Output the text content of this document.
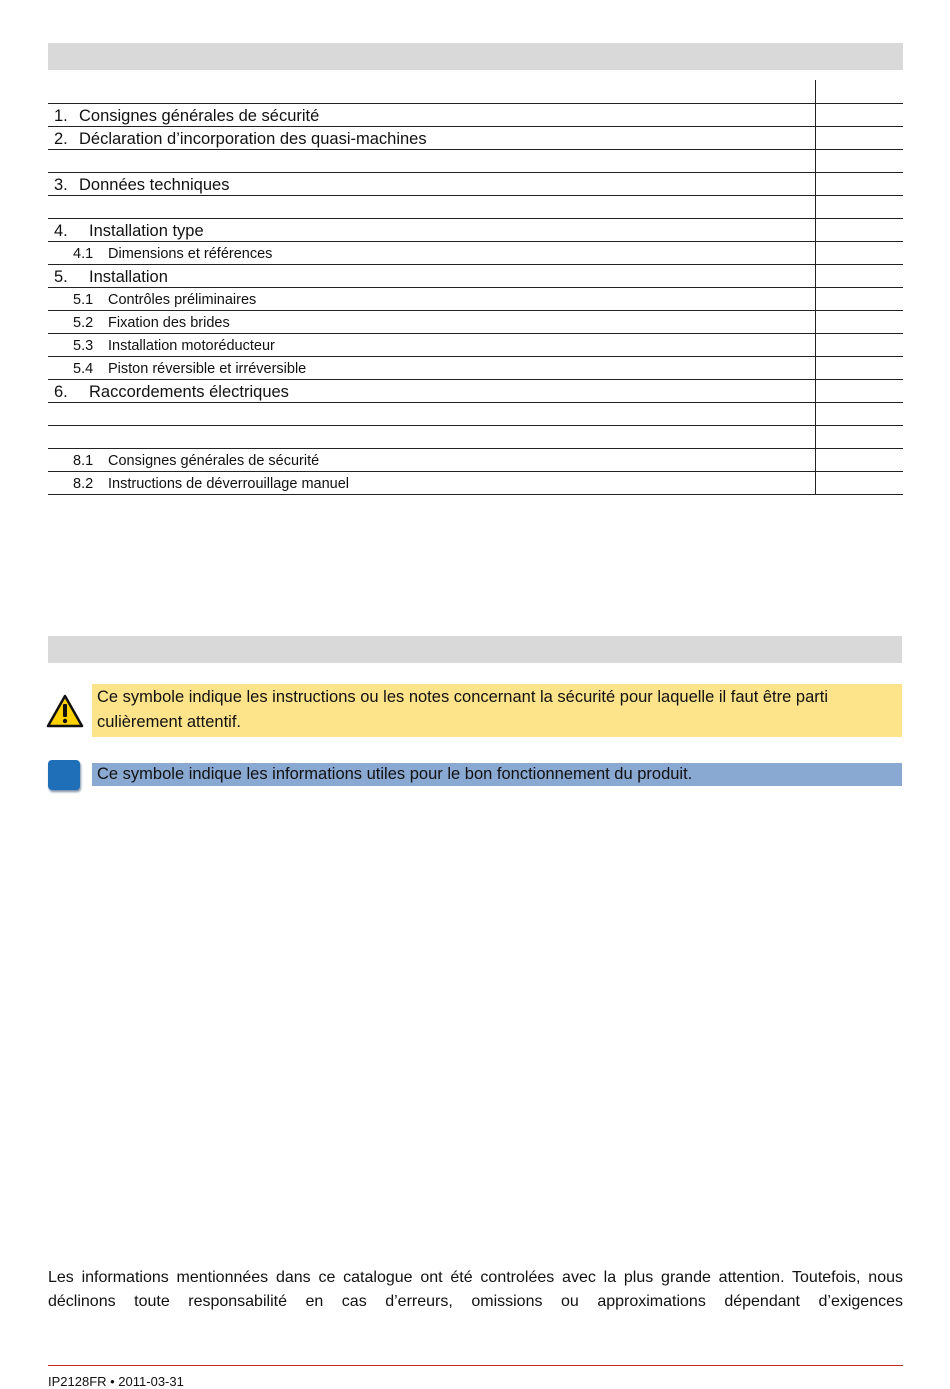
1. Consignes générales de sécurité
2. Déclaration d’incorporation des quasi-machines
3. Données techniques
4. Installation type
4.1 Dimensions et références
5. Installation
5.1 Contrôles préliminaires
5.2 Fixation des brides
5.3 Installation motoréducteur
5.4 Piston réversible et irréversible
6. Raccordements électriques
8.1 Consignes générales de sécurité
8.2 Instructions de déverrouillage manuel
Ce symbole indique les instructions ou les notes concernant la sécurité pour laquelle il faut être parti culièrement attentif.
Ce symbole indique les informations utiles pour le bon fonctionnement du produit.
Les informations mentionnées dans ce catalogue ont été controlées avec la plus grande attention. Toutefois, nous déclinons toute responsabilité en cas d’erreurs, omissions ou approximations dépendant d’exigences
IP2128FR • 2011-03-31
